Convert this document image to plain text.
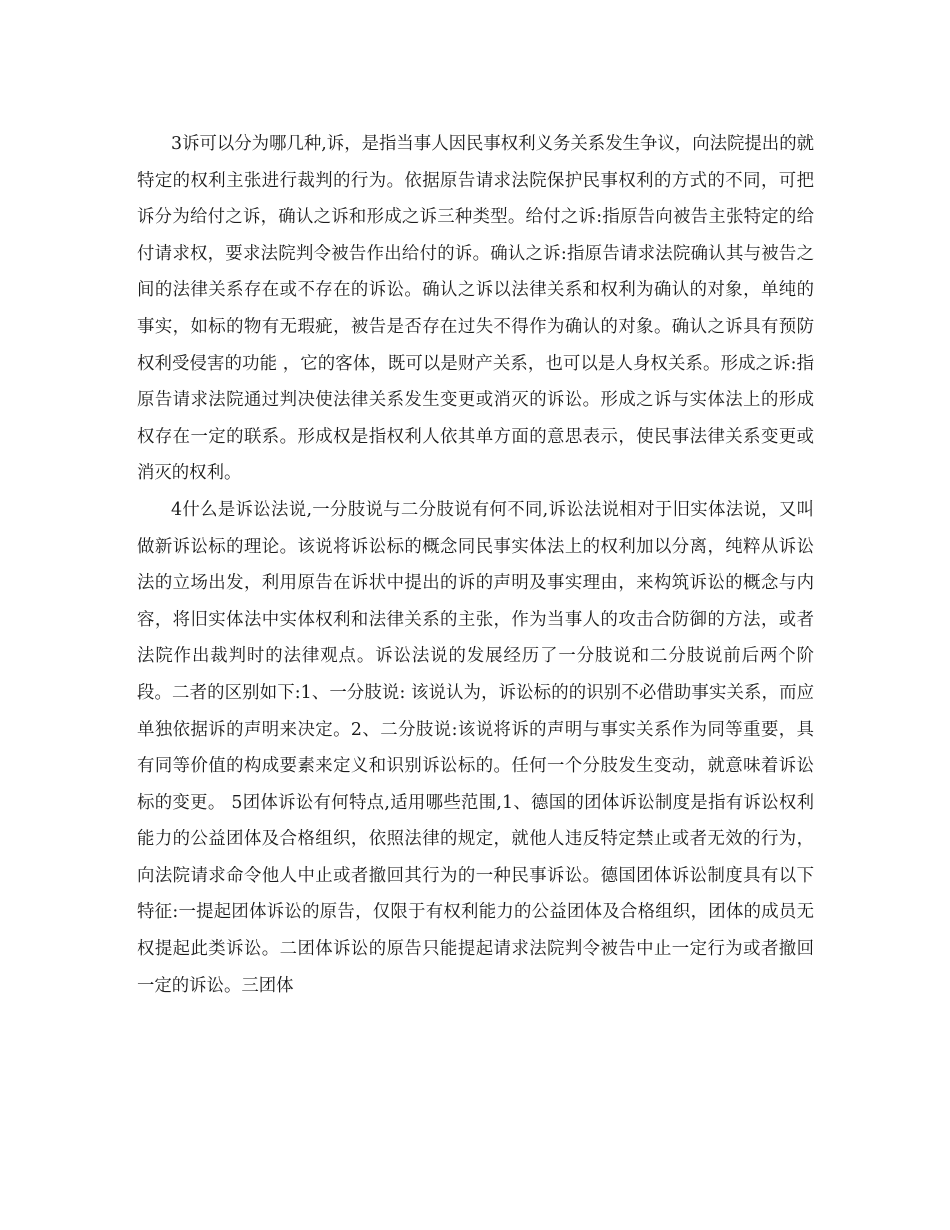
3诉可以分为哪几种,诉，是指当事人因民事权利义务关系发生争议，向法院提出的就特定的权利主张进行裁判的行为。依据原告请求法院保护民事权利的方式的不同，可把诉分为给付之诉，确认之诉和形成之诉三种类型。给付之诉:指原告向被告主张特定的给付请求权，要求法院判令被告作出给付的诉。确认之诉:指原告请求法院确认其与被告之间的法律关系存在或不存在的诉讼。确认之诉以法律关系和权利为确认的对象，单纯的事实，如标的物有无瑕疵，被告是否存在过失不得作为确认的对象。确认之诉具有预防权利受侵害的功能 ，它的客体，既可以是财产关系，也可以是人身权关系。形成之诉:指原告请求法院通过判决使法律关系发生变更或消灭的诉讼。形成之诉与实体法上的形成权存在一定的联系。形成权是指权利人依其单方面的意思表示，使民事法律关系变更或消灭的权利。

4什么是诉讼法说,一分肢说与二分肢说有何不同,诉讼法说相对于旧实体法说，又叫做新诉讼标的理论。该说将诉讼标的概念同民事实体法上的权利加以分离，纯粹从诉讼法的立场出发，利用原告在诉状中提出的诉的声明及事实理由，来构筑诉讼的概念与内容，将旧实体法中实体权利和法律关系的主张，作为当事人的攻击合防御的方法，或者法院作出裁判时的法律观点。诉讼法说的发展经历了一分肢说和二分肢说前后两个阶段。二者的区别如下:1、一分肢说: 该说认为，诉讼标的的识别不必借助事实关系，而应单独依据诉的声明来决定。2、二分肢说:该说将诉的声明与事实关系作为同等重要，具有同等价值的构成要素来定义和识别诉讼标的。任何一个分肢发生变动，就意味着诉讼标的变更。 5团体诉讼有何特点,适用哪些范围,1、德国的团体诉讼制度是指有诉讼权利能力的公益团体及合格组织，依照法律的规定，就他人违反特定禁止或者无效的行为，向法院请求命令他人中止或者撤回其行为的一种民事诉讼。德国团体诉讼制度具有以下特征:一提起团体诉讼的原告，仅限于有权利能力的公益团体及合格组织，团体的成员无权提起此类诉讼。二团体诉讼的原告只能提起请求法院判令被告中止一定行为或者撤回一定的诉讼。三团体
